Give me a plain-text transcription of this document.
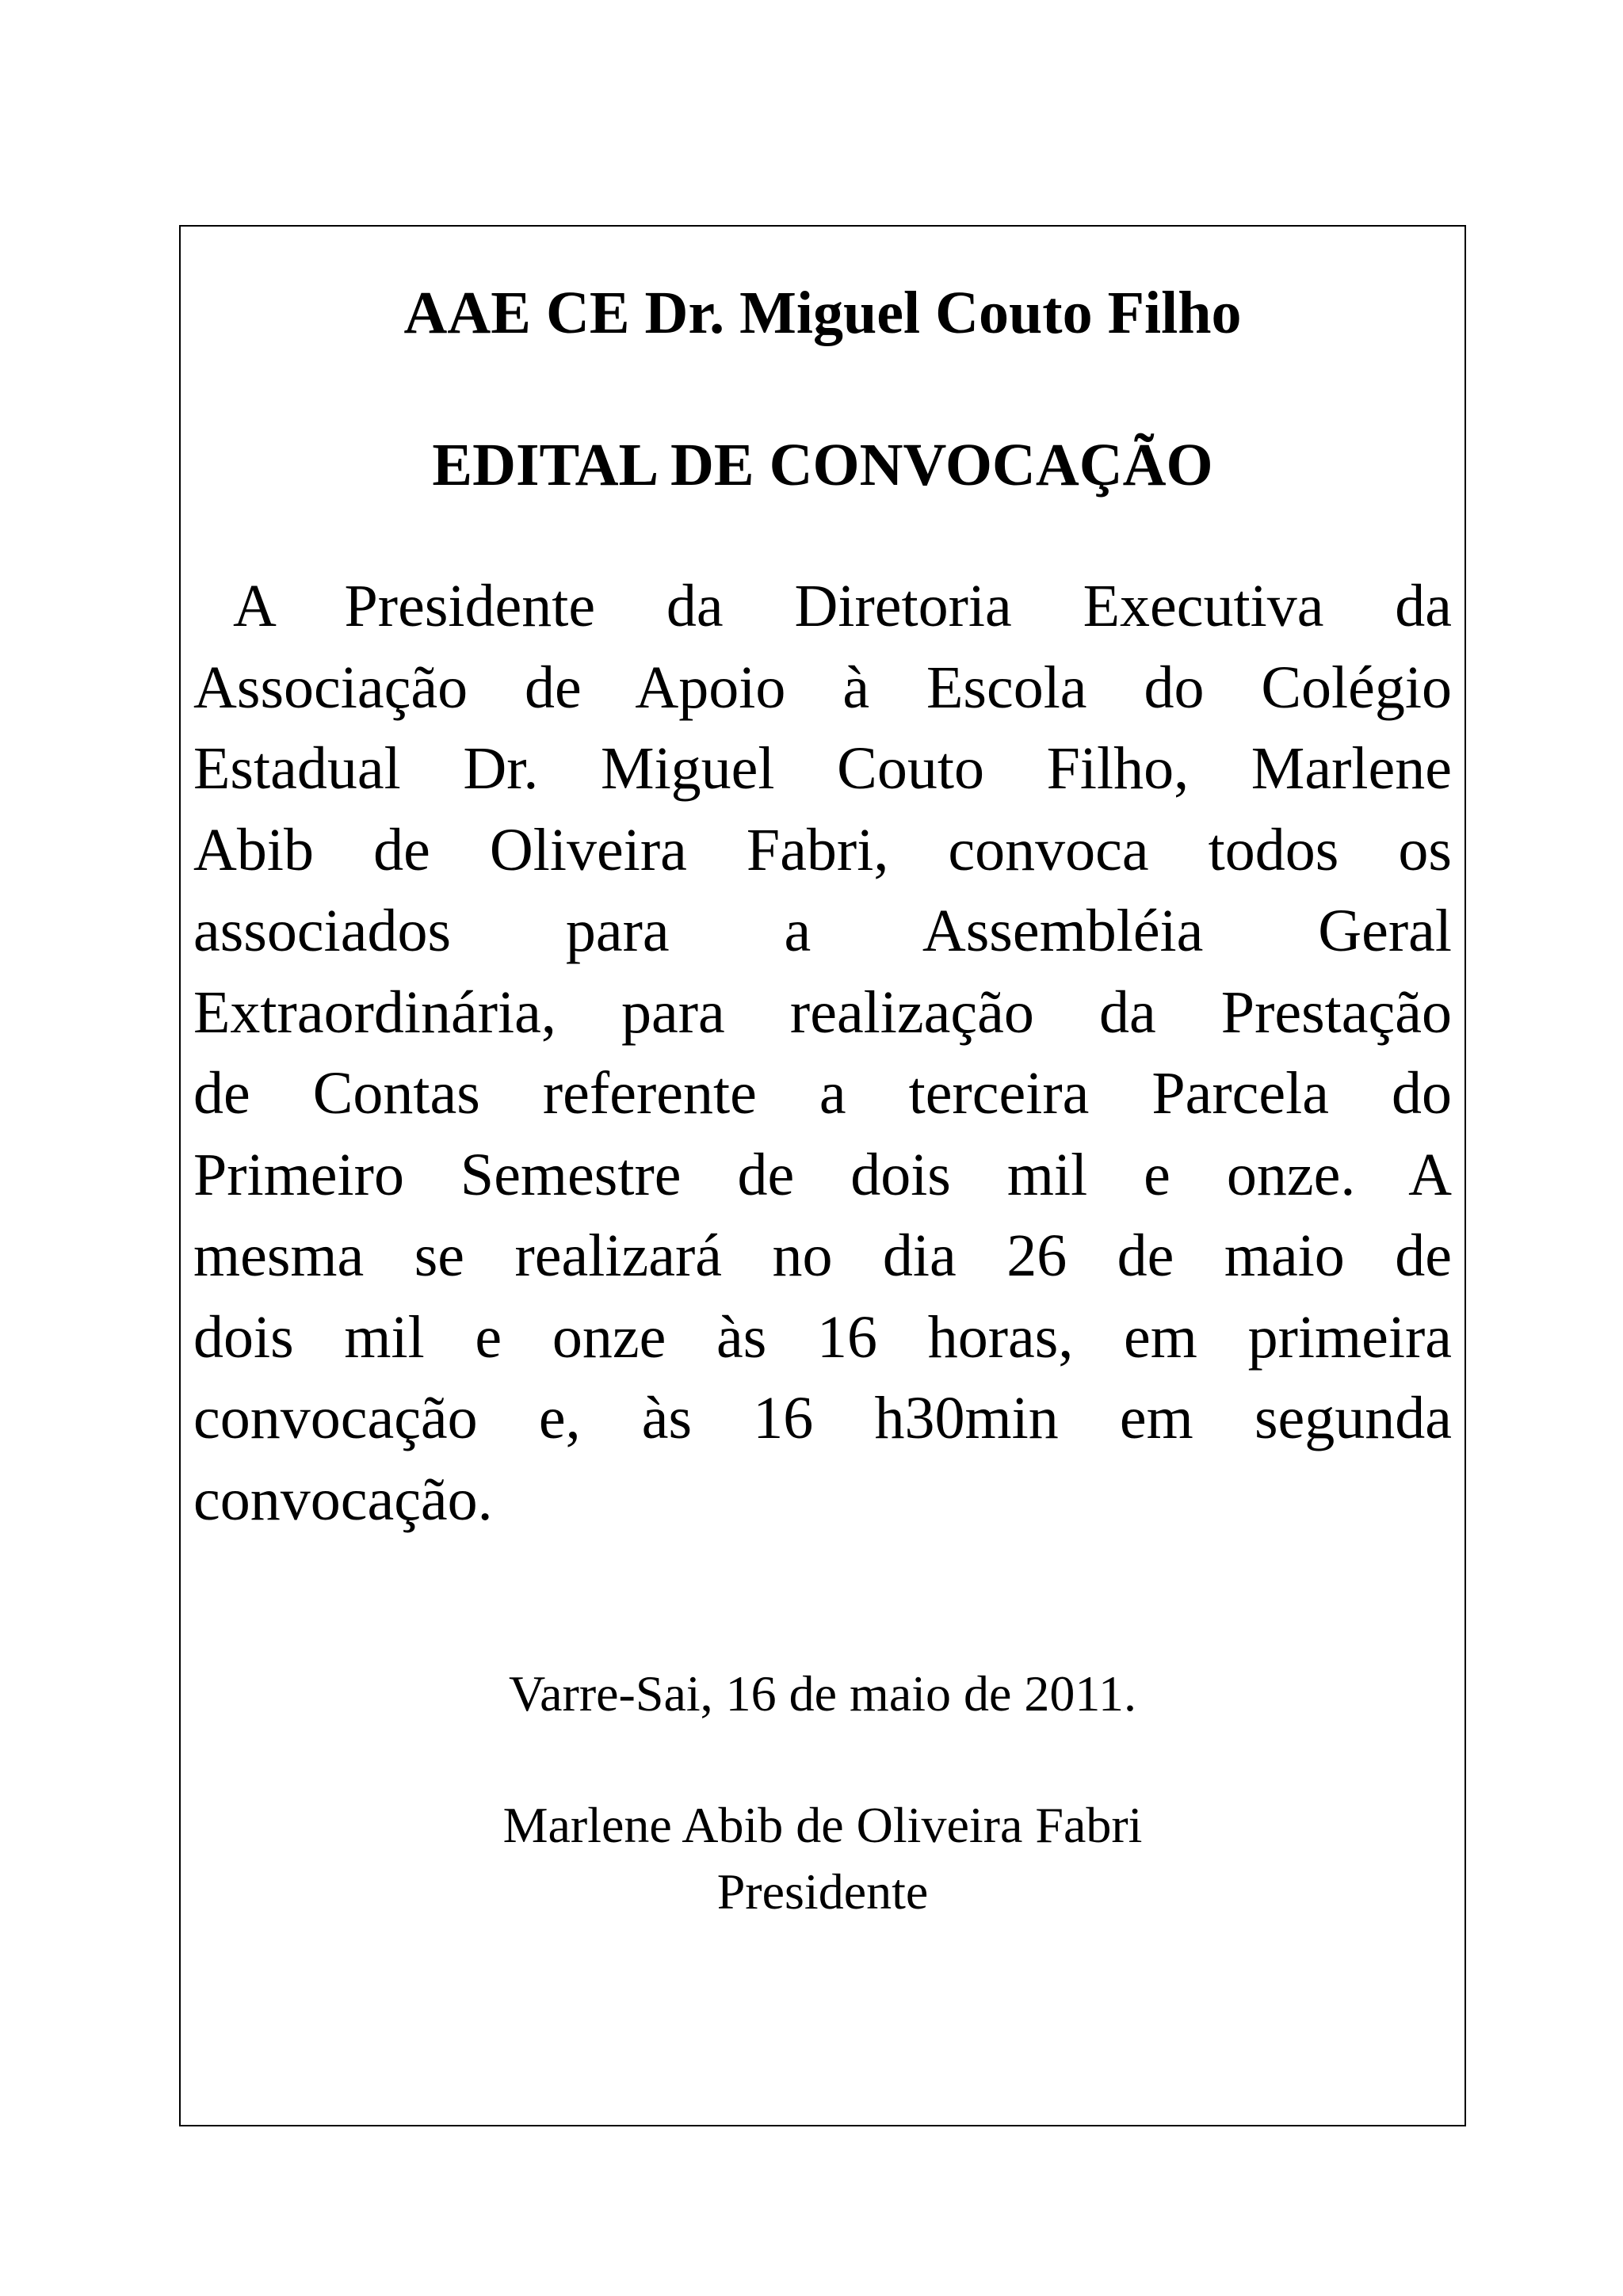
AAE CE Dr. Miguel Couto Filho
EDITAL DE CONVOCAÇÃO
A Presidente da Diretoria Executiva da
Associação de Apoio à Escola do Colégio
Estadual Dr. Miguel Couto Filho, Marlene
Abib de Oliveira Fabri, convoca todos os
associados para a Assembléia Geral
Extraordinária, para realização da Prestação
de Contas referente a terceira Parcela do
Primeiro Semestre de dois mil e onze. A
mesma se realizará no dia 26 de maio de
dois mil e onze às 16 horas, em primeira
convocação e, às 16 h30min em segunda
convocação.

Varre-Sai, 16 de maio de 2011.

Marlene Abib de Oliveira Fabri

Presidente
